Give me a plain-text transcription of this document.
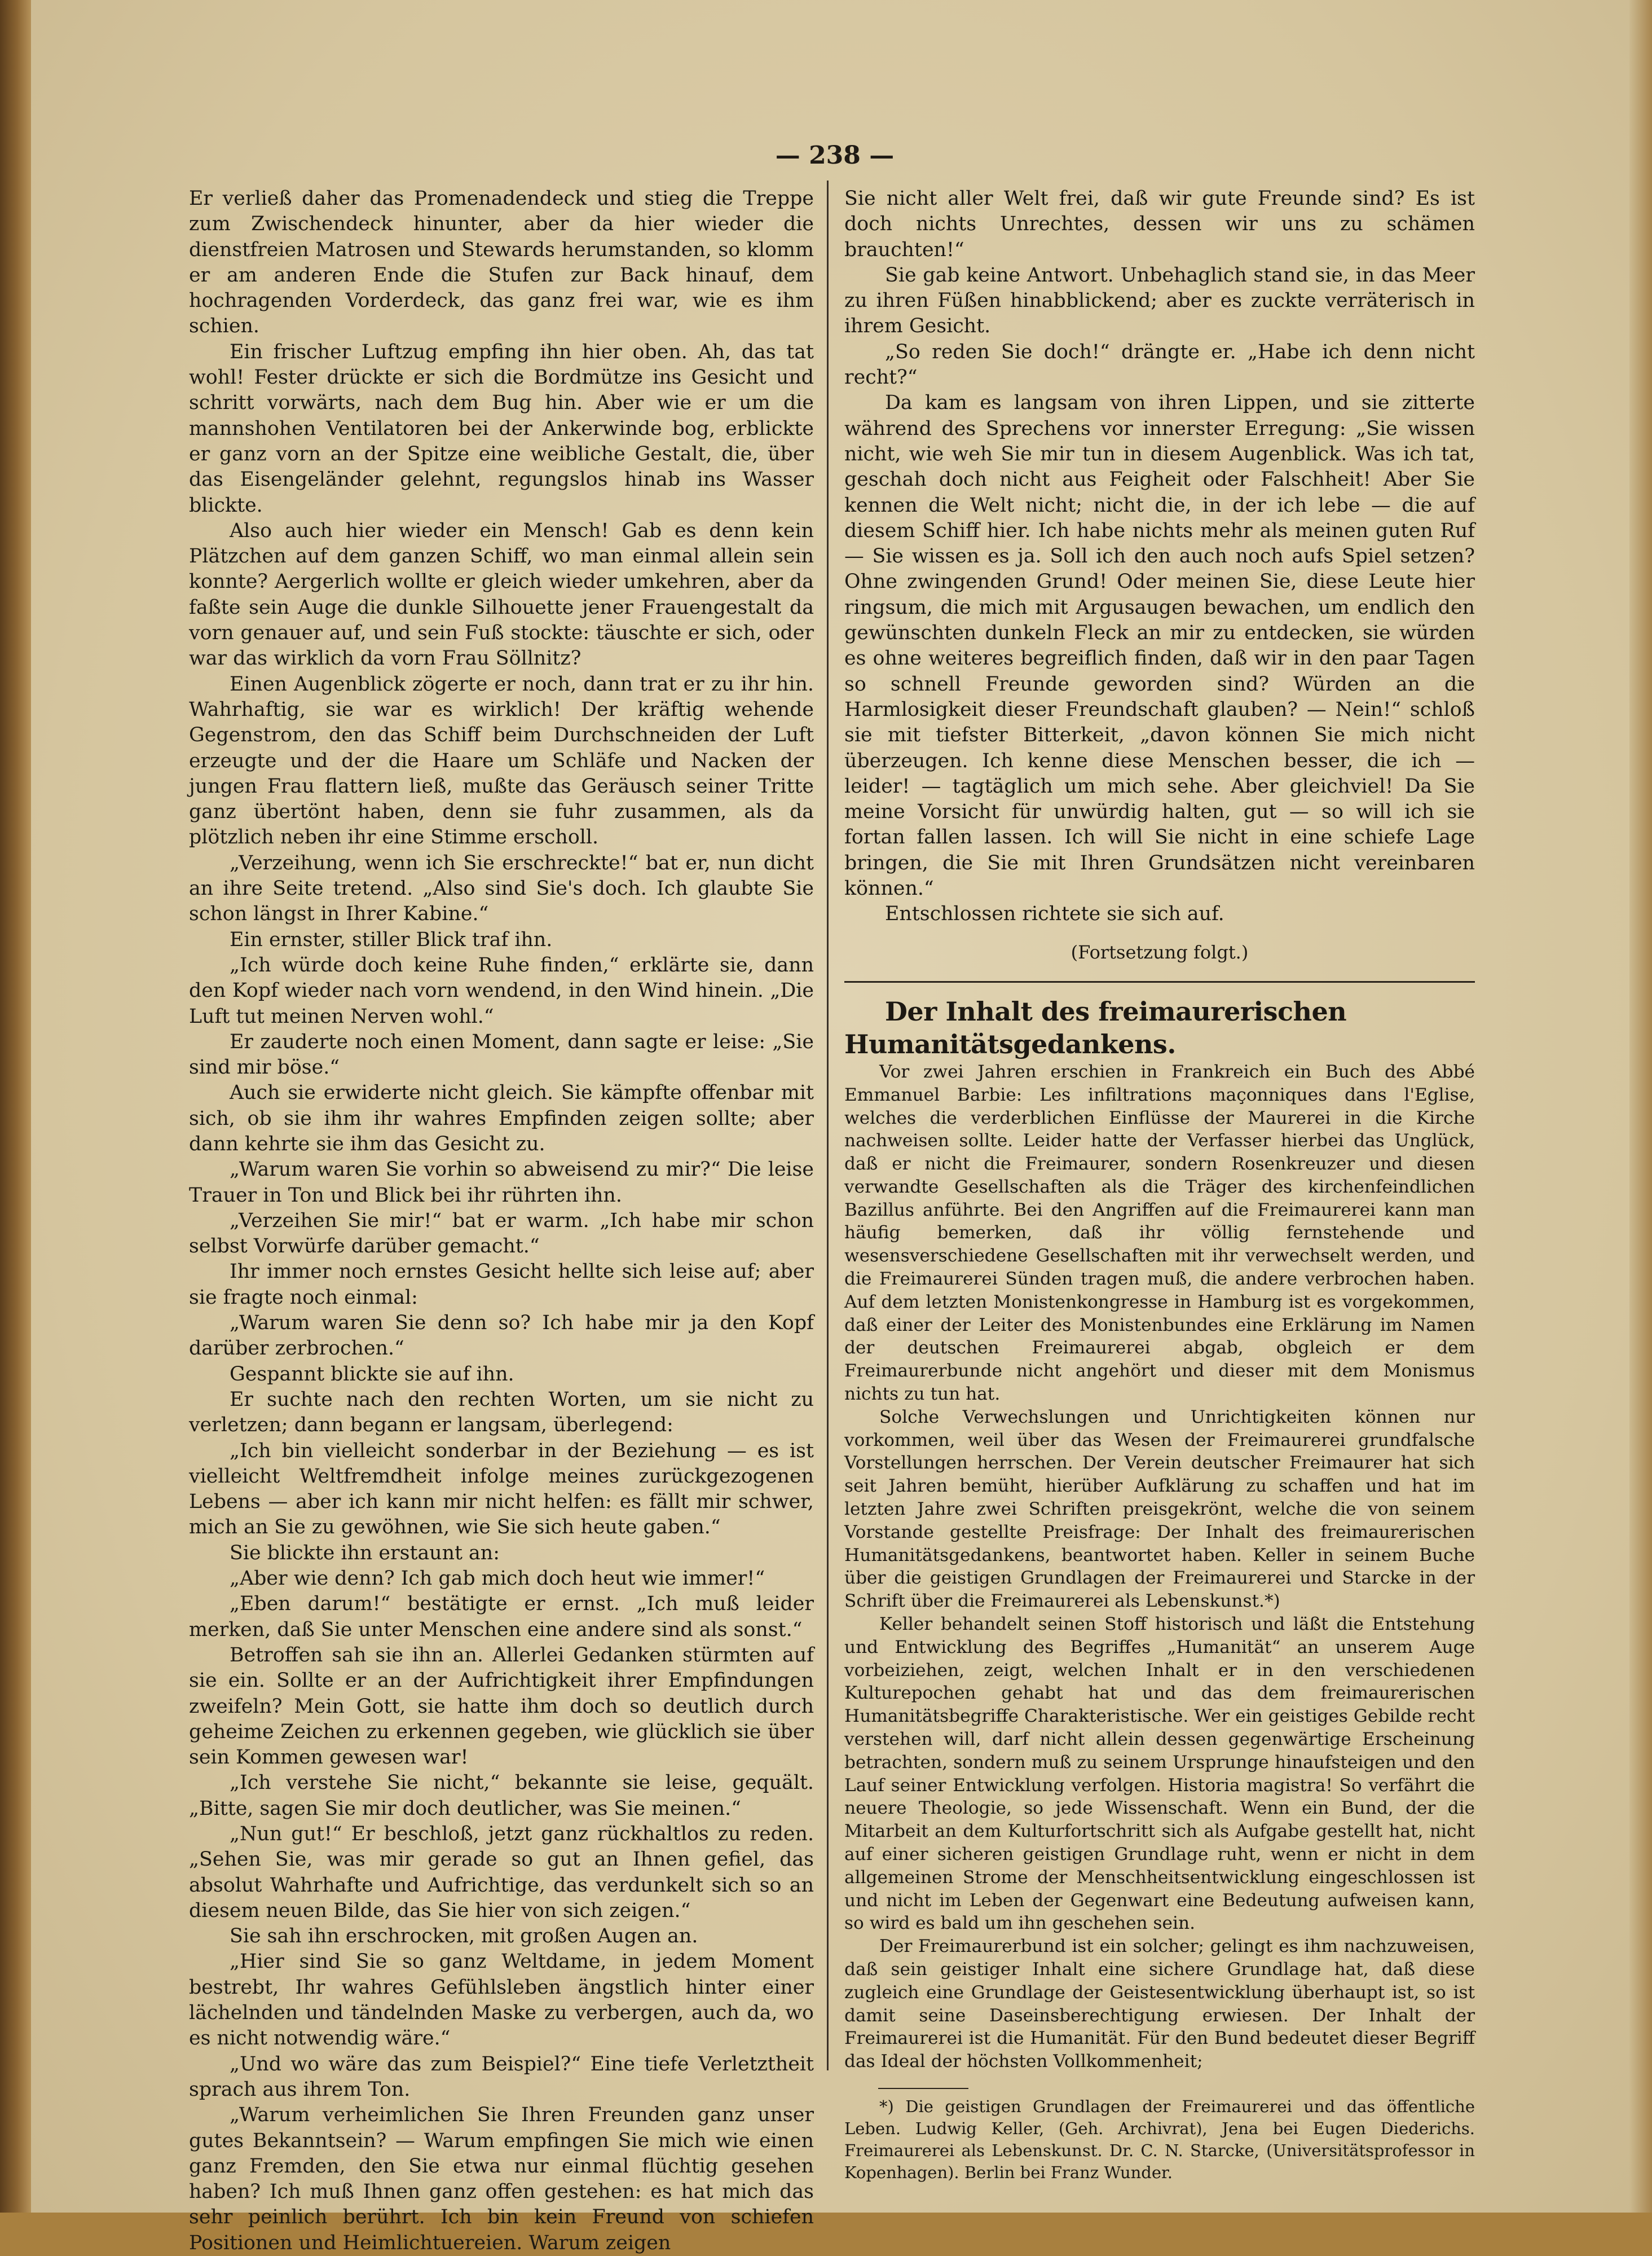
— 238 —

Er verließ daher das Promenadendeck und stieg die Treppe zum Zwischendeck hinunter, aber da hier wieder die dienstfreien Matrosen und Stewards herumstanden, so klomm er am anderen Ende die Stufen zur Back hinauf, dem hochragenden Vorderdeck, das ganz frei war, wie es ihm schien.

Ein frischer Luftzug empfing ihn hier oben. Ah, das tat wohl! Fester drückte er sich die Bordmütze ins Gesicht und schritt vorwärts, nach dem Bug hin. Aber wie er um die mannshohen Ventilatoren bei der Ankerwinde bog, erblickte er ganz vorn an der Spitze eine weibliche Gestalt, die, über das Eisengeländer gelehnt, regungslos hinab ins Wasser blickte.

Also auch hier wieder ein Mensch! Gab es denn kein Plätzchen auf dem ganzen Schiff, wo man einmal allein sein konnte? Aergerlich wollte er gleich wieder umkehren, aber da faßte sein Auge die dunkle Silhouette jener Frauengestalt da vorn genauer auf, und sein Fuß stockte: täuschte er sich, oder war das wirklich da vorn Frau Söllnitz?

Einen Augenblick zögerte er noch, dann trat er zu ihr hin. Wahrhaftig, sie war es wirklich! Der kräftig wehende Gegenstrom, den das Schiff beim Durchschneiden der Luft erzeugte und der die Haare um Schläfe und Nacken der jungen Frau flattern ließ, mußte das Geräusch seiner Tritte ganz übertönt haben, denn sie fuhr zusammen, als da plötzlich neben ihr eine Stimme erscholl.

„Verzeihung, wenn ich Sie erschreckte!“ bat er, nun dicht an ihre Seite tretend. „Also sind Sie's doch. Ich glaubte Sie schon längst in Ihrer Kabine.“

Ein ernster, stiller Blick traf ihn.

„Ich würde doch keine Ruhe finden,“ erklärte sie, dann den Kopf wieder nach vorn wendend, in den Wind hinein. „Die Luft tut meinen Nerven wohl.“

Er zauderte noch einen Moment, dann sagte er leise: „Sie sind mir böse.“

Auch sie erwiderte nicht gleich. Sie kämpfte offenbar mit sich, ob sie ihm ihr wahres Empfinden zeigen sollte; aber dann kehrte sie ihm das Gesicht zu.

„Warum waren Sie vorhin so abweisend zu mir?“ Die leise Trauer in Ton und Blick bei ihr rührten ihn.

„Verzeihen Sie mir!“ bat er warm. „Ich habe mir schon selbst Vorwürfe darüber gemacht.“

Ihr immer noch ernstes Gesicht hellte sich leise auf; aber sie fragte noch einmal:

„Warum waren Sie denn so? Ich habe mir ja den Kopf darüber zerbrochen.“

Gespannt blickte sie auf ihn.

Er suchte nach den rechten Worten, um sie nicht zu verletzen; dann begann er langsam, überlegend:

„Ich bin vielleicht sonderbar in der Beziehung — es ist vielleicht Weltfremdheit infolge meines zurückgezogenen Lebens — aber ich kann mir nicht helfen: es fällt mir schwer, mich an Sie zu gewöhnen, wie Sie sich heute gaben.“

Sie blickte ihn erstaunt an:

„Aber wie denn? Ich gab mich doch heut wie immer!“

„Eben darum!“ bestätigte er ernst. „Ich muß leider merken, daß Sie unter Menschen eine andere sind als sonst.“

Betroffen sah sie ihn an. Allerlei Gedanken stürmten auf sie ein. Sollte er an der Aufrichtigkeit ihrer Empfindungen zweifeln? Mein Gott, sie hatte ihm doch so deutlich durch geheime Zeichen zu erkennen gegeben, wie glücklich sie über sein Kommen gewesen war!

„Ich verstehe Sie nicht,“ bekannte sie leise, gequält. „Bitte, sagen Sie mir doch deutlicher, was Sie meinen.“

„Nun gut!“ Er beschloß, jetzt ganz rückhaltlos zu reden. „Sehen Sie, was mir gerade so gut an Ihnen gefiel, das absolut Wahrhafte und Aufrichtige, das verdunkelt sich so an diesem neuen Bilde, das Sie hier von sich zeigen.“

Sie sah ihn erschrocken, mit großen Augen an.

„Hier sind Sie so ganz Weltdame, in jedem Moment bestrebt, Ihr wahres Gefühlsleben ängstlich hinter einer lächelnden und tändelnden Maske zu verbergen, auch da, wo es nicht notwendig wäre.“

„Und wo wäre das zum Beispiel?“ Eine tiefe Verletztheit sprach aus ihrem Ton.

„Warum verheimlichen Sie Ihren Freunden ganz unser gutes Bekanntsein? — Warum empfingen Sie mich wie einen ganz Fremden, den Sie etwa nur einmal flüchtig gesehen haben? Ich muß Ihnen ganz offen gestehen: es hat mich das sehr peinlich berührt. Ich bin kein Freund von schiefen Positionen und Heimlichtuereien. Warum zeigen

Sie nicht aller Welt frei, daß wir gute Freunde sind? Es ist doch nichts Unrechtes, dessen wir uns zu schämen brauchten!“

Sie gab keine Antwort. Unbehaglich stand sie, in das Meer zu ihren Füßen hinabblickend; aber es zuckte verräterisch in ihrem Gesicht.

„So reden Sie doch!“ drängte er. „Habe ich denn nicht recht?“

Da kam es langsam von ihren Lippen, und sie zitterte während des Sprechens vor innerster Erregung: „Sie wissen nicht, wie weh Sie mir tun in diesem Augenblick. Was ich tat, geschah doch nicht aus Feigheit oder Falschheit! Aber Sie kennen die Welt nicht; nicht die, in der ich lebe — die auf diesem Schiff hier. Ich habe nichts mehr als meinen guten Ruf — Sie wissen es ja. Soll ich den auch noch aufs Spiel setzen? Ohne zwingenden Grund! Oder meinen Sie, diese Leute hier ringsum, die mich mit Argusaugen bewachen, um endlich den gewünschten dunkeln Fleck an mir zu entdecken, sie würden es ohne weiteres begreiflich finden, daß wir in den paar Tagen so schnell Freunde geworden sind? Würden an die Harmlosigkeit dieser Freundschaft glauben? — Nein!“ schloß sie mit tiefster Bitterkeit, „davon können Sie mich nicht überzeugen. Ich kenne diese Menschen besser, die ich — leider! — tagtäglich um mich sehe. Aber gleichviel! Da Sie meine Vorsicht für unwürdig halten, gut — so will ich sie fortan fallen lassen. Ich will Sie nicht in eine schiefe Lage bringen, die Sie mit Ihren Grundsätzen nicht vereinbaren können.“

Entschlossen richtete sie sich auf.

(Fortsetzung folgt.)

Der Inhalt des freimaurerischen Humanitätsgedankens.

Vor zwei Jahren erschien in Frankreich ein Buch des Abbé Emmanuel Barbie: Les infiltrations maçonniques dans l'Eglise, welches die verderblichen Einflüsse der Maurerei in die Kirche nachweisen sollte. Leider hatte der Verfasser hierbei das Unglück, daß er nicht die Freimaurer, sondern Rosenkreuzer und diesen verwandte Gesellschaften als die Träger des kirchenfeindlichen Bazillus anführte. Bei den Angriffen auf die Freimaurerei kann man häufig bemerken, daß ihr völlig fernstehende und wesensverschiedene Gesellschaften mit ihr verwechselt werden, und die Freimaurerei Sünden tragen muß, die andere verbrochen haben. Auf dem letzten Monistenkongresse in Hamburg ist es vorgekommen, daß einer der Leiter des Monistenbundes eine Erklärung im Namen der deutschen Freimaurerei abgab, obgleich er dem Freimaurerbunde nicht angehört und dieser mit dem Monismus nichts zu tun hat.

Solche Verwechslungen und Unrichtigkeiten können nur vorkommen, weil über das Wesen der Freimaurerei grundfalsche Vorstellungen herrschen. Der Verein deutscher Freimaurer hat sich seit Jahren bemüht, hierüber Aufklärung zu schaffen und hat im letzten Jahre zwei Schriften preisgekrönt, welche die von seinem Vorstande gestellte Preisfrage: Der Inhalt des freimaurerischen Humanitätsgedankens, beantwortet haben. Keller in seinem Buche über die geistigen Grundlagen der Freimaurerei und Starcke in der Schrift über die Freimaurerei als Lebenskunst.*)

Keller behandelt seinen Stoff historisch und läßt die Entstehung und Entwicklung des Begriffes „Humanität“ an unserem Auge vorbeiziehen, zeigt, welchen Inhalt er in den verschiedenen Kulturepochen gehabt hat und das dem freimaurerischen Humanitätsbegriffe Charakteristische. Wer ein geistiges Gebilde recht verstehen will, darf nicht allein dessen gegenwärtige Erscheinung betrachten, sondern muß zu seinem Ursprunge hinaufsteigen und den Lauf seiner Entwicklung verfolgen. Historia magistra! So verfährt die neuere Theologie, so jede Wissenschaft. Wenn ein Bund, der die Mitarbeit an dem Kulturfortschritt sich als Aufgabe gestellt hat, nicht auf einer sicheren geistigen Grundlage ruht, wenn er nicht in dem allgemeinen Strome der Menschheitsentwicklung eingeschlossen ist und nicht im Leben der Gegenwart eine Bedeutung aufweisen kann, so wird es bald um ihn geschehen sein.

Der Freimaurerbund ist ein solcher; gelingt es ihm nachzuweisen, daß sein geistiger Inhalt eine sichere Grundlage hat, daß diese zugleich eine Grundlage der Geistesentwicklung überhaupt ist, so ist damit seine Daseinsberechtigung erwiesen. Der Inhalt der Freimaurerei ist die Humanität. Für den Bund bedeutet dieser Begriff das Ideal der höchsten Vollkommenheit;

*) Die geistigen Grundlagen der Freimaurerei und das öffentliche Leben. Ludwig Keller, (Geh. Archivrat), Jena bei Eugen Diederichs. Freimaurerei als Lebenskunst. Dr. C. N. Starcke, (Universitätsprofessor in Kopenhagen). Berlin bei Franz Wunder.
